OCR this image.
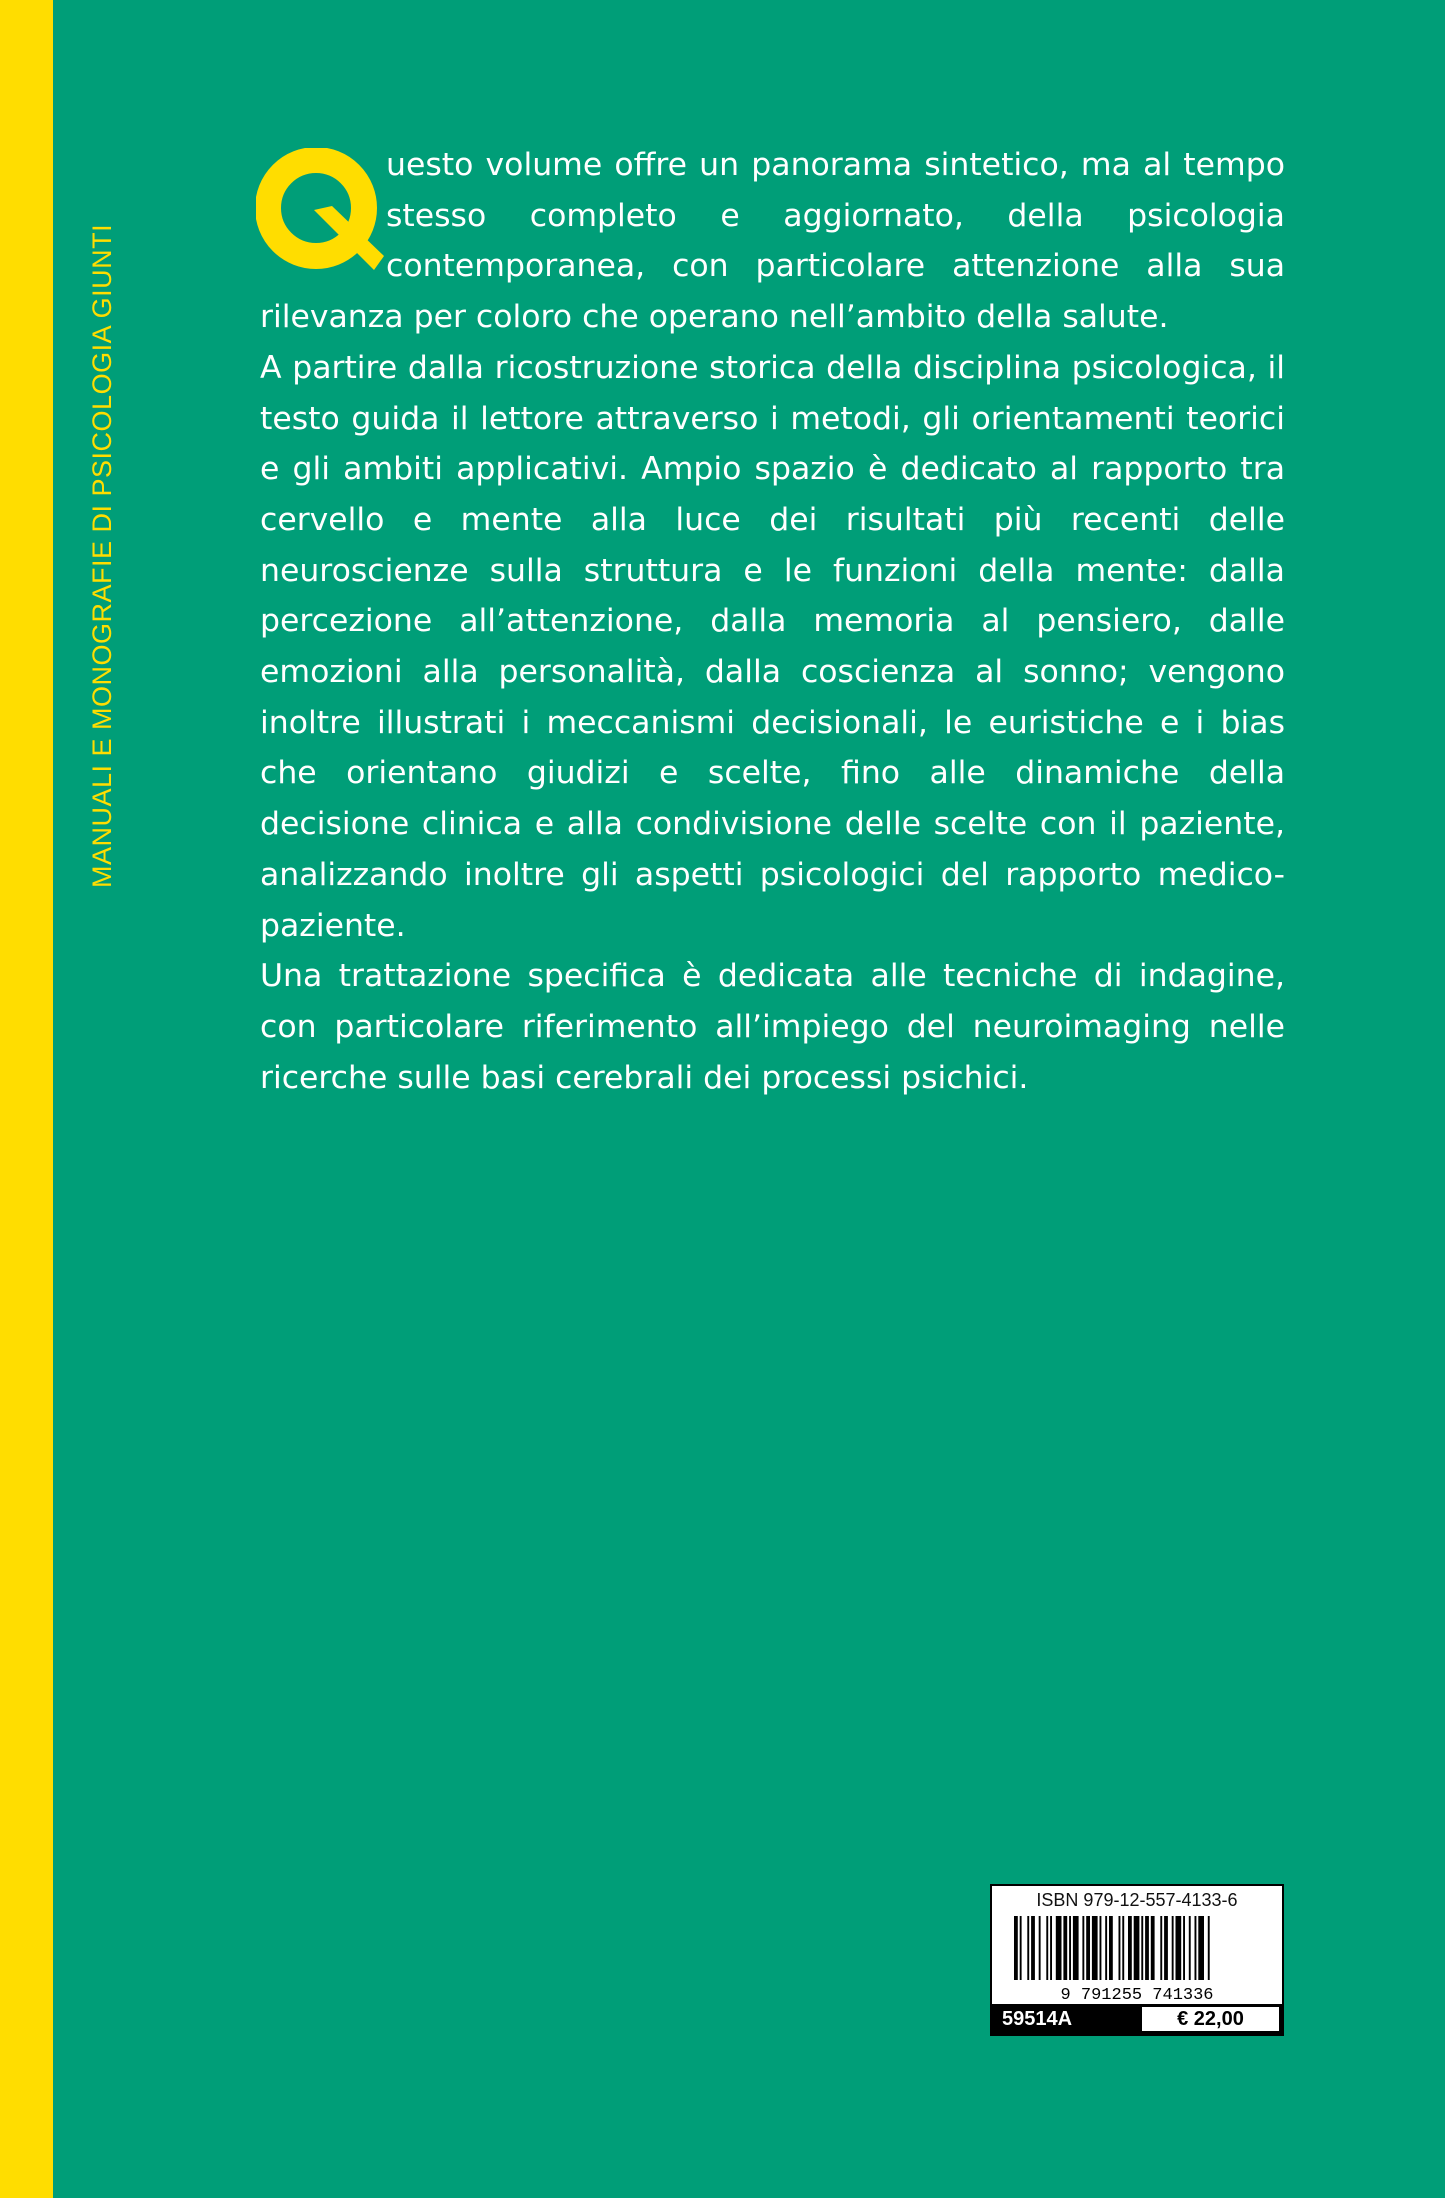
MANUALI E MONOGRAFIE DI PSICOLOGIA GIUNTI

uesto volume offre un panorama sintetico, ma al tempo stesso completo e aggiornato, della psicologia contemporanea, con particolare attenzione alla sua rilevanza per coloro che operano nell’ambito della salute.

A partire dalla ricostruzione storica della disciplina psicologica, il testo guida il lettore attraverso i metodi, gli orientamenti teorici e gli ambiti applicativi. Ampio spazio è dedicato al rapporto tra cervello e mente alla luce dei risultati più recenti delle neuroscienze sulla struttura e le funzioni della mente: dalla percezione all’attenzione, dalla memoria al pensiero, dalle emozioni alla personalità, dalla coscienza al sonno; vengono inoltre illustrati i meccanismi decisionali, le euristiche e i bias che orientano giudizi e scelte, fino alle dinamiche della decisione clinica e alla condivisione delle scelte con il paziente, analizzando inoltre gli aspetti psicologici del rapporto medico-paziente.

Una trattazione specifica è dedicata alle tecniche di indagine, con particolare riferimento all’impiego del neuroimaging nelle ricerche sulle basi cerebrali dei processi psichici.

ISBN 979-12-557-4133-6
9 791255 741336
59514A	€ 22,00
